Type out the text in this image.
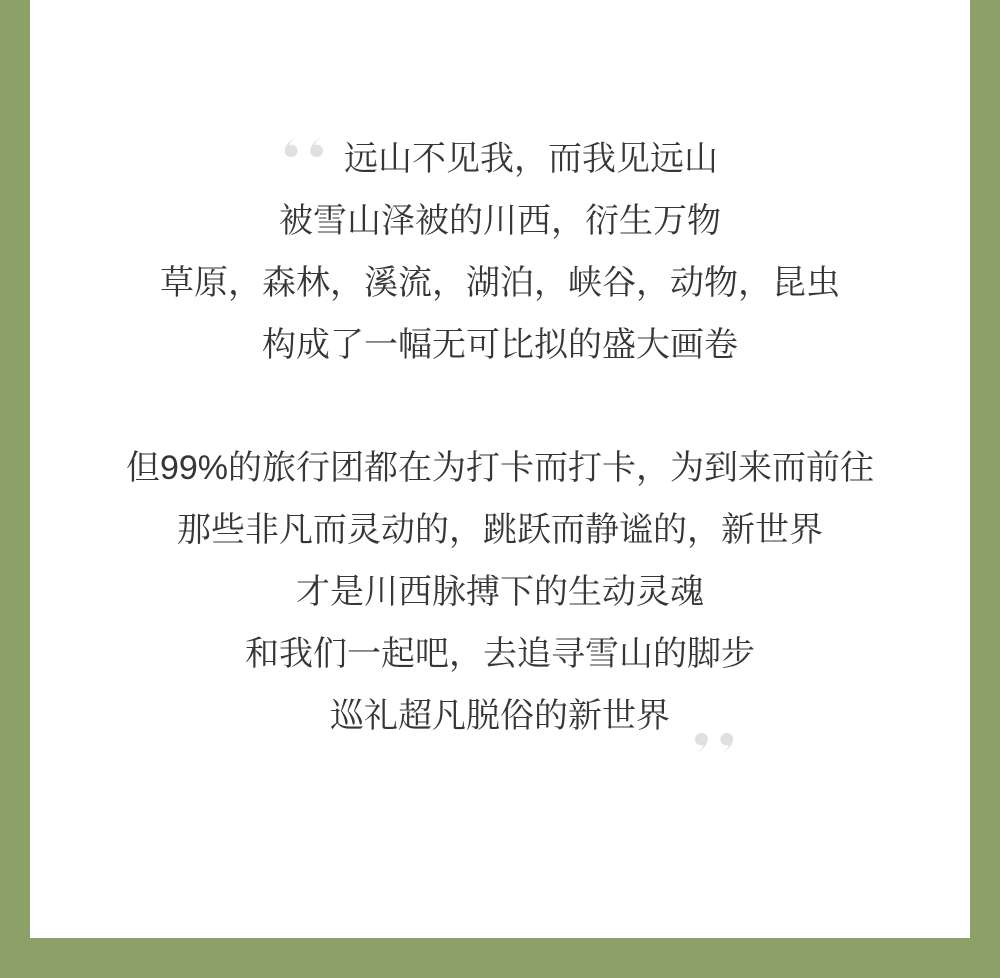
远山不见我，而我见远山
被雪山泽被的川西，衍生万物
草原，森林，溪流，湖泊，峡谷，动物，昆虫
构成了一幅无可比拟的盛大画卷
但99%的旅行团都在为打卡而打卡，为到来而前往
那些非凡而灵动的，跳跃而静谧的，新世界
才是川西脉搏下的生动灵魂
和我们一起吧，去追寻雪山的脚步
巡礼超凡脱俗的新世界
